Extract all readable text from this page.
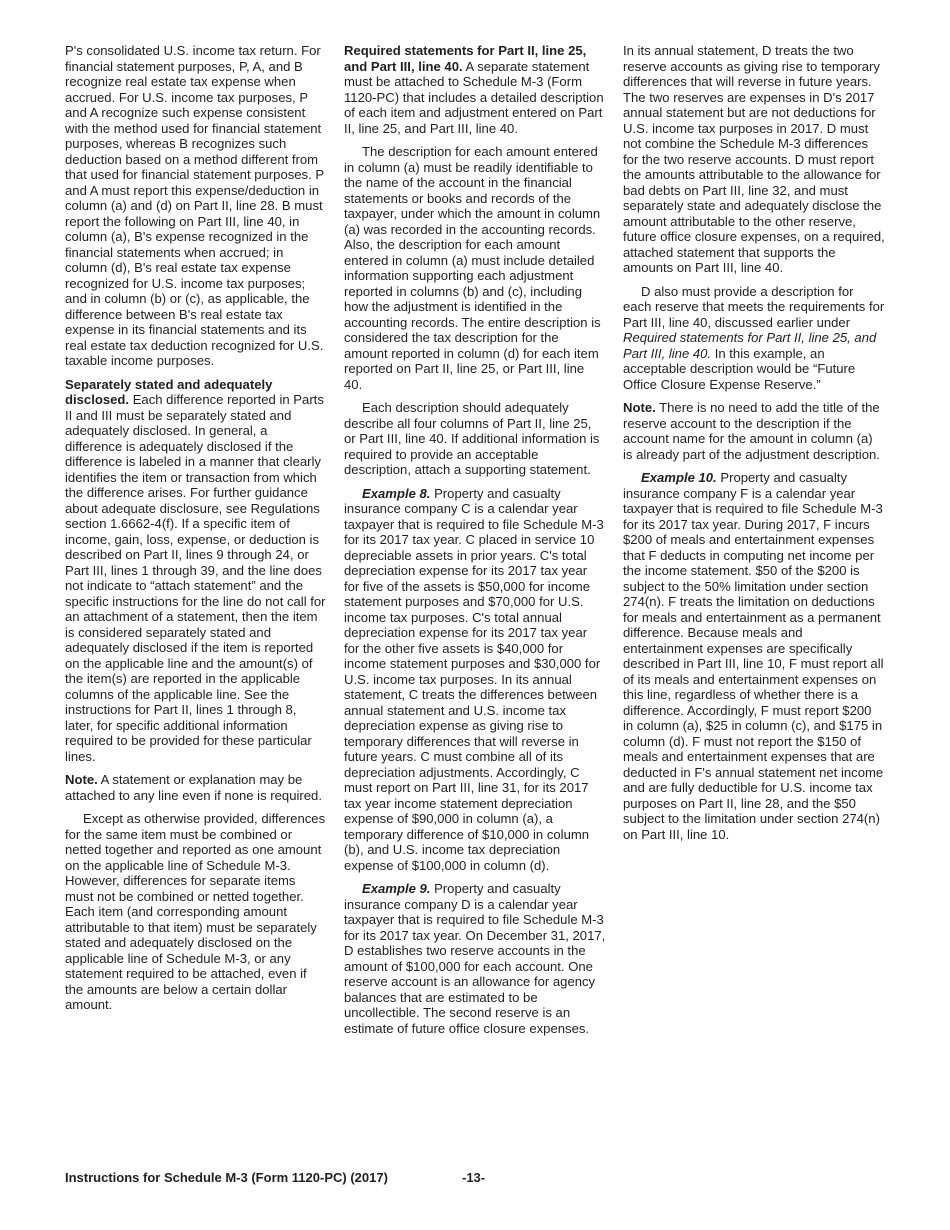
P's consolidated U.S. income tax return. For financial statement purposes, P, A, and B recognize real estate tax expense when accrued. For U.S. income tax purposes, P and A recognize such expense consistent with the method used for financial statement purposes, whereas B recognizes such deduction based on a method different from that used for financial statement purposes. P and A must report this expense/deduction in column (a) and (d) on Part II, line 28. B must report the following on Part III, line 40, in column (a), B's expense recognized in the financial statements when accrued; in column (d), B's real estate tax expense recognized for U.S. income tax purposes; and in column (b) or (c), as applicable, the difference between B's real estate tax expense in its financial statements and its real estate tax deduction recognized for U.S. taxable income purposes.

Separately stated and adequately disclosed. Each difference reported in Parts II and III must be separately stated and adequately disclosed. In general, a difference is adequately disclosed if the difference is labeled in a manner that clearly identifies the item or transaction from which the difference arises. For further guidance about adequate disclosure, see Regulations section 1.6662-4(f). If a specific item of income, gain, loss, expense, or deduction is described on Part II, lines 9 through 24, or Part III, lines 1 through 39, and the line does not indicate to “attach statement” and the specific instructions for the line do not call for an attachment of a statement, then the item is considered separately stated and adequately disclosed if the item is reported on the applicable line and the amount(s) of the item(s) are reported in the applicable columns of the applicable line. See the instructions for Part II, lines 1 through 8, later, for specific additional information required to be provided for these particular lines.

Note. A statement or explanation may be attached to any line even if none is required.

Except as otherwise provided, differences for the same item must be combined or netted together and reported as one amount on the applicable line of Schedule M-3. However, differences for separate items must not be combined or netted together. Each item (and corresponding amount attributable to that item) must be separately stated and adequately disclosed on the applicable line of Schedule M-3, or any statement required to be attached, even if the amounts are below a certain dollar amount.

Required statements for Part II, line 25, and Part III, line 40. A separate statement must be attached to Schedule M-3 (Form 1120-PC) that includes a detailed description of each item and adjustment entered on Part II, line 25, and Part III, line 40.

The description for each amount entered in column (a) must be readily identifiable to the name of the account in the financial statements or books and records of the taxpayer, under which the amount in column (a) was recorded in the accounting records. Also, the description for each amount entered in column (a) must include detailed information supporting each adjustment reported in columns (b) and (c), including how the adjustment is identified in the accounting records. The entire description is considered the tax description for the amount reported in column (d) for each item reported on Part II, line 25, or Part III, line 40.

Each description should adequately describe all four columns of Part II, line 25, or Part III, line 40. If additional information is required to provide an acceptable description, attach a supporting statement.

Example 8. Property and casualty insurance company C is a calendar year taxpayer that is required to file Schedule M-3 for its 2017 tax year. C placed in service 10 depreciable assets in prior years. C's total depreciation expense for its 2017 tax year for five of the assets is $50,000 for income statement purposes and $70,000 for U.S. income tax purposes. C's total annual depreciation expense for its 2017 tax year for the other five assets is $40,000 for income statement purposes and $30,000 for U.S. income tax purposes. In its annual statement, C treats the differences between annual statement and U.S. income tax depreciation expense as giving rise to temporary differences that will reverse in future years. C must combine all of its depreciation adjustments. Accordingly, C must report on Part III, line 31, for its 2017 tax year income statement depreciation expense of $90,000 in column (a), a temporary difference of $10,000 in column (b), and U.S. income tax depreciation expense of $100,000 in column (d).

Example 9. Property and casualty insurance company D is a calendar year taxpayer that is required to file Schedule M-3 for its 2017 tax year. On December 31, 2017, D establishes two reserve accounts in the amount of $100,000 for each account. One reserve account is an allowance for agency balances that are estimated to be uncollectible. The second reserve is an estimate of future office closure expenses.

In its annual statement, D treats the two reserve accounts as giving rise to temporary differences that will reverse in future years. The two reserves are expenses in D's 2017 annual statement but are not deductions for U.S. income tax purposes in 2017. D must not combine the Schedule M-3 differences for the two reserve accounts. D must report the amounts attributable to the allowance for bad debts on Part III, line 32, and must separately state and adequately disclose the amount attributable to the other reserve, future office closure expenses, on a required, attached statement that supports the amounts on Part III, line 40.

D also must provide a description for each reserve that meets the requirements for Part III, line 40, discussed earlier under Required statements for Part II, line 25, and Part III, line 40. In this example, an acceptable description would be “Future Office Closure Expense Reserve.”

Note. There is no need to add the title of the reserve account to the description if the account name for the amount in column (a) is already part of the adjustment description.

Example 10. Property and casualty insurance company F is a calendar year taxpayer that is required to file Schedule M-3 for its 2017 tax year. During 2017, F incurs $200 of meals and entertainment expenses that F deducts in computing net income per the income statement. $50 of the $200 is subject to the 50% limitation under section 274(n). F treats the limitation on deductions for meals and entertainment as a permanent difference. Because meals and entertainment expenses are specifically described in Part III, line 10, F must report all of its meals and entertainment expenses on this line, regardless of whether there is a difference. Accordingly, F must report $200 in column (a), $25 in column (c), and $175 in column (d). F must not report the $150 of meals and entertainment expenses that are deducted in F's annual statement net income and are fully deductible for U.S. income tax purposes on Part II, line 28, and the $50 subject to the limitation under section 274(n) on Part III, line 10.

Instructions for Schedule M-3 (Form 1120-PC) (2017)	-13-
